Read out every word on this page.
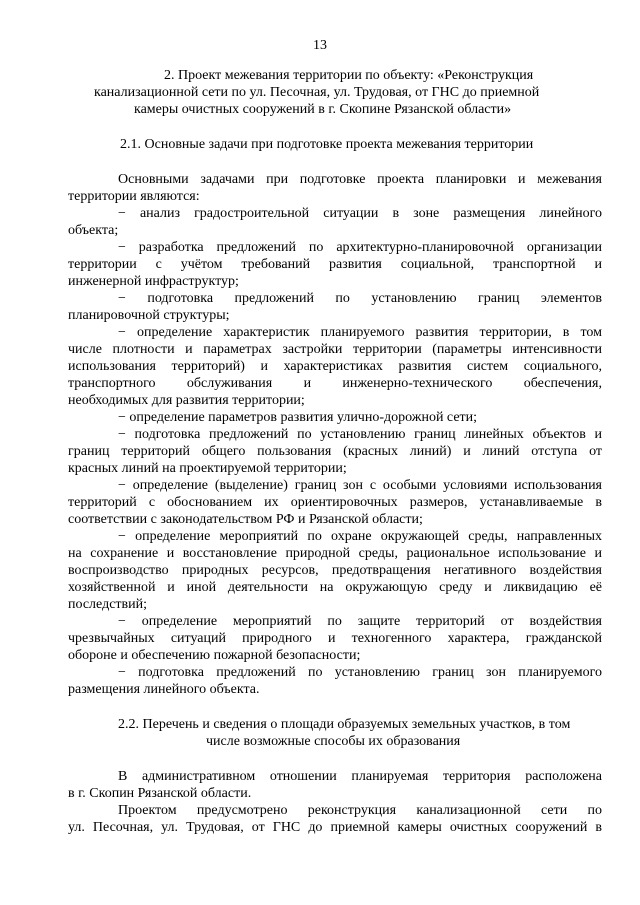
13
2. Проект межевания территории по объекту: «Реконструкция
канализационной сети по ул. Песочная, ул. Трудовая, от ГНС до приемной
камеры очистных сооружений в г. Скопине Рязанской области»
2.1. Основные задачи при подготовке проекта межевания территории
Основными задачами при подготовке проекта планировки и межевания
территории являются:
− анализ градостроительной ситуации в зоне размещения линейного
объекта;
− разработка предложений по архитектурно-планировочной организации
территории с учётом требований развития социальной, транспортной и
инженерной инфраструктур;
− подготовка предложений по установлению границ элементов
планировочной структуры;
− определение характеристик планируемого развития территории, в том
числе плотности и параметрах застройки территории (параметры интенсивности
использования территорий) и характеристиках развития систем социального,
транспортного обслуживания и инженерно-технического обеспечения,
необходимых для развития территории;
− определение параметров развития улично-дорожной сети;
− подготовка предложений по установлению границ линейных объектов и
границ территорий общего пользования (красных линий) и линий отступа от
красных линий на проектируемой территории;
− определение (выделение) границ зон с особыми условиями использования
территорий с обоснованием их ориентировочных размеров, устанавливаемые в
соответствии с законодательством РФ и Рязанской области;
− определение мероприятий по охране окружающей среды, направленных
на сохранение и восстановление природной среды, рациональное использование и
воспроизводство природных ресурсов, предотвращения негативного воздействия
хозяйственной и иной деятельности на окружающую среду и ликвидацию её
последствий;
− определение мероприятий по защите территорий от воздействия
чрезвычайных ситуаций природного и техногенного характера, гражданской
обороне и обеспечению пожарной безопасности;
− подготовка предложений по установлению границ зон планируемого
размещения линейного объекта.
2.2. Перечень и сведения о площади образуемых земельных участков, в том
числе возможные способы их образования
В административном отношении планируемая территория расположена
в г. Скопин Рязанской области.
Проектом предусмотрено реконструкция канализационной сети по
ул. Песочная, ул. Трудовая, от ГНС до приемной камеры очистных сооружений в
